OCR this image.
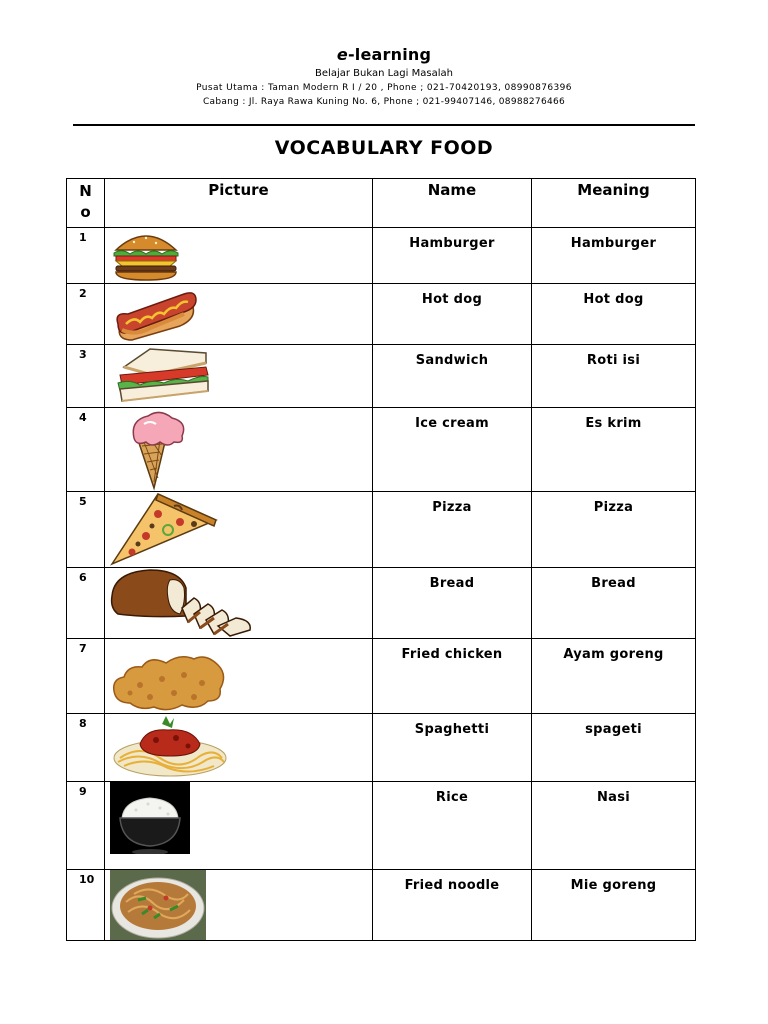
e-learning
Belajar Bukan Lagi Masalah
Pusat Utama : Taman Modern R I / 20 , Phone ; 021-70420193, 08990876396
Cabang : Jl. Raya Rawa Kuning No. 6, Phone ; 021-99407146, 08988276466
VOCABULARY FOOD
N
o	Picture	Name	Meaning
1		Hamburger	Hamburger
2		Hot dog	Hot dog
3		Sandwich	Roti isi
4		Ice cream	Es krim
5		Pizza	Pizza
6		Bread	Bread
7		Fried chicken	Ayam goreng
8		Spaghetti	spageti
9		Rice	Nasi
10		Fried noodle	Mie goreng
